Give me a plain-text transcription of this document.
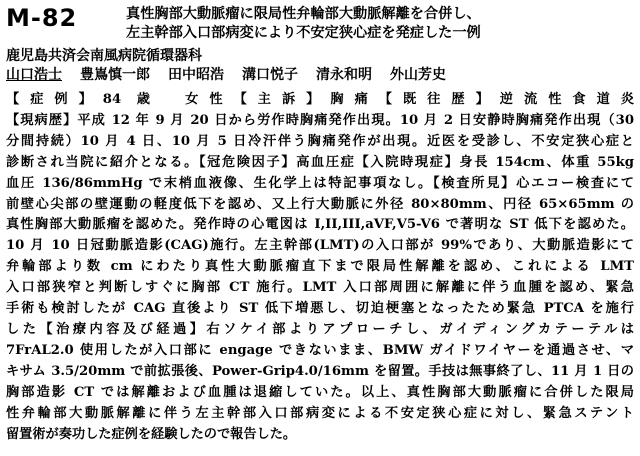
M-82	真性胸部大動脈瘤に限局性弁輪部大動脈解離を合併し、
左主幹部入口部病変により不安定狭心症を発症した一例
鹿児島共済会南風病院循環器科
山口浩士 豊嶌慎一郎 田中昭浩 溝口悦子 清永和明 外山芳史
【症例】84 歳　女性【主訴】胸痛【既往歴】逆流性食道炎
【現病歴】平成 12 年 9 月 20 日から労作時胸痛発作出現。10 月 2 日安静時胸痛発作出現（30
分間持続）10 月 4 日、10 月 5 日冷汗伴う胸痛発作が出現。近医を受診し、不安定狭心症と
診断され当院に紹介となる。【冠危険因子】高血圧症【入院時現症】身長 154cm、体重 55kg
血圧 136/86mmHg で末梢血液像、生化学上は特記事項なし。【検査所見】心エコー検査にて
前壁心尖部の壁運動の軽度低下を認め、又上行大動脈に外径 80×80mm、円径 65×65mm の
真性胸部大動脈瘤を認めた。発作時の心電図は I,II,III,aVF,V5-V6 で著明な ST 低下を認めた。
10 月 10 日冠動脈造影(CAG)施行。左主幹部(LMT)の入口部が 99%であり、大動脈造影にて
弁輪部より数 cm にわたり真性大動脈瘤直下まで限局性解離を認め、これによる LMT
入口部狭窄と判断しすぐに胸部 CT 施行。LMT 入口部周囲に解離に伴う血腫を認め、緊急
手術も検討したが CAG 直後より ST 低下増悪し、切迫梗塞となったため緊急 PTCA を施行
した【治療内容及び経過】右ソケイ部よりアプローチし、ガイディングカテーテルは
7FrAL2.0 使用したが入口部に engage できないまま、BMW ガイドワイヤーを通過させ、マ
キサム 3.5/20mm で前拡張後、Power-Grip4.0/16mm を留置。手技は無事終了し、11 月 1 日の
胸部造影 CT では解離および血腫は退縮していた。以上、真性胸部大動脈瘤に合併した限局
性弁輪部大動脈解離に伴う左主幹部入口部病変による不安定狭心症に対し、緊急ステント
留置術が奏功した症例を経験したので報告した。
